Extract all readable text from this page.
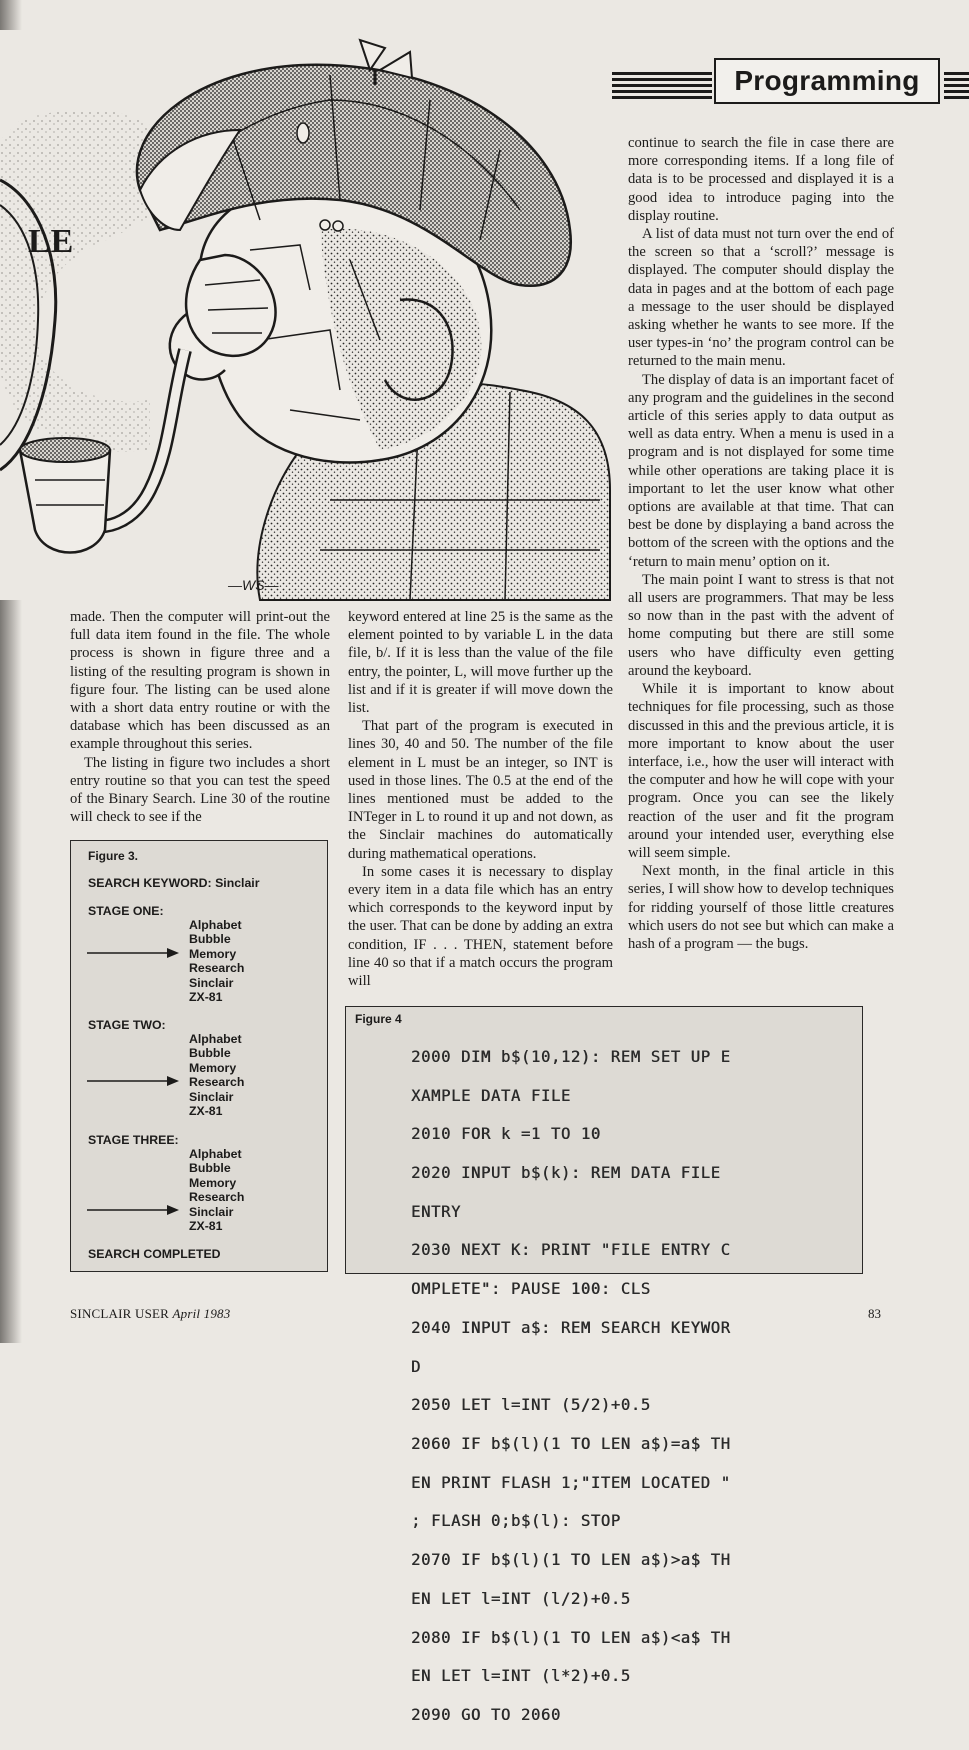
LE
—WS—
Programming

continue to search the file in case there are more corresponding items. If a long file of data is to be processed and displayed it is a good idea to introduce paging into the display routine.

A list of data must not turn over the end of the screen so that a ‘scroll?’ message is displayed. The computer should display the data in pages and at the bottom of each page a message to the user should be displayed asking whether he wants to see more. If the user types-in ‘no’ the program control can be returned to the main menu.

The display of data is an important facet of any program and the guidelines in the second article of this series apply to data output as well as data entry. When a menu is used in a program and is not displayed for some time while other operations are taking place it is important to let the user know what other options are available at that time. That can best be done by displaying a band across the bottom of the screen with the options and the ‘return to main menu’ option on it.

The main point I want to stress is that not all users are programmers. That may be less so now than in the past with the advent of home computing but there are still some users who have difficulty even getting around the keyboard.

While it is important to know about techniques for file processing, such as those discussed in this and the previous article, it is more important to know about the user interface, i.e., how the user will interact with the computer and how he will cope with your program. Once you can see the likely reaction of the user and fit the program around your intended user, everything else will seem simple.

Next month, in the final article in this series, I will show how to develop techniques for ridding yourself of those little creatures which users do not see but which can make a hash of a program — the bugs.

made. Then the computer will print-out the full data item found in the file. The whole process is shown in figure three and a listing of the resulting program is shown in figure four. The listing can be used alone with a short data entry routine or with the database which has been discussed as an example throughout this series.

The listing in figure two includes a short entry routine so that you can test the speed of the Binary Search. Line 30 of the routine will check to see if the

keyword entered at line 25 is the same as the element pointed to by variable L in the data file, b/. If it is less than the value of the file entry, the pointer, L, will move further up the list and if it is greater if will move down the list.

That part of the program is executed in lines 30, 40 and 50. The number of the file element in L must be an integer, so INT is used in those lines. The 0.5 at the end of the lines mentioned must be added to the INTeger in L to round it up and not down, as the Sinclair machines do automatically during mathematical operations.

In some cases it is necessary to display every item in a data file which has an entry which corresponds to the keyword input by the user. That can be done by adding an extra condition, IF . . . THEN, statement before line 40 so that if a match occurs the program will

Figure 3.
SEARCH KEYWORD: Sinclair
STAGE ONE:
Alphabet
Bubble
Memory
Research
Sinclair
ZX-81
STAGE TWO:
Alphabet
Bubble
Memory
Research
Sinclair
ZX-81
STAGE THREE:
Alphabet
Bubble
Memory
Research
Sinclair
ZX-81
SEARCH COMPLETED
Figure 4

2000 DIM b$(10,12): REM SET UP E

XAMPLE DATA FILE

2010 FOR k =1 TO 10

2020 INPUT b$(k): REM DATA FILE

ENTRY

2030 NEXT K: PRINT "FILE ENTRY C

OMPLETE": PAUSE 100: CLS

2040 INPUT a$: REM SEARCH KEYWOR

D

2050 LET l=INT (5/2)+0.5

2060 IF b$(l)(1 TO LEN a$)=a$ TH

EN PRINT FLASH 1;"ITEM LOCATED "

; FLASH 0;b$(l): STOP

2070 IF b$(l)(1 TO LEN a$)>a$ TH

EN LET l=INT (l/2)+0.5

2080 IF b$(l)(1 TO LEN a$)<a$ TH

EN LET l=INT (l*2)+0.5

2090 GO TO 2060

SINCLAIR USER April 1983	83
